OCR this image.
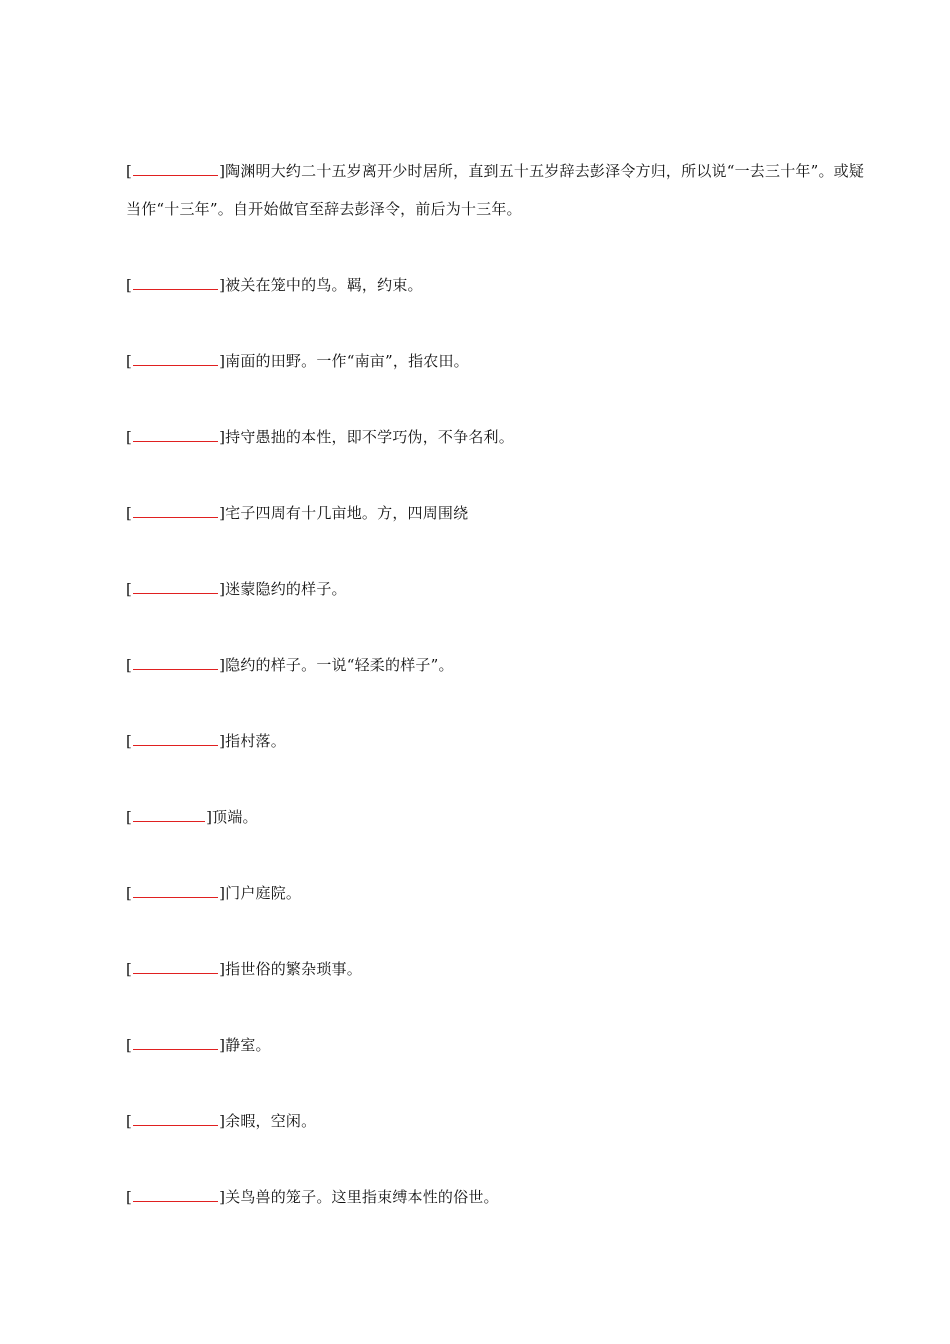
[	]陶渊明大约二十五岁离开少时居所，直到五十五岁辞去彭泽令方归，所以说“一去三十年”。或疑当作“十三年”。自开始做官至辞去彭泽令，前后为十三年。
[	]被关在笼中的鸟。羁，约束。
[	]南面的田野。一作“南亩”，指农田。
[	]持守愚拙的本性，即不学巧伪，不争名利。
[	]宅子四周有十几亩地。方，四周围绕
[	]迷蒙隐约的样子。
[	]隐约的样子。一说“轻柔的样子”。
[	]指村落。
[	]顶端。
[	]门户庭院。
[	]指世俗的繁杂琐事。
[	]静室。
[	]余暇，空闲。
[	]关鸟兽的笼子。这里指束缚本性的俗世。
